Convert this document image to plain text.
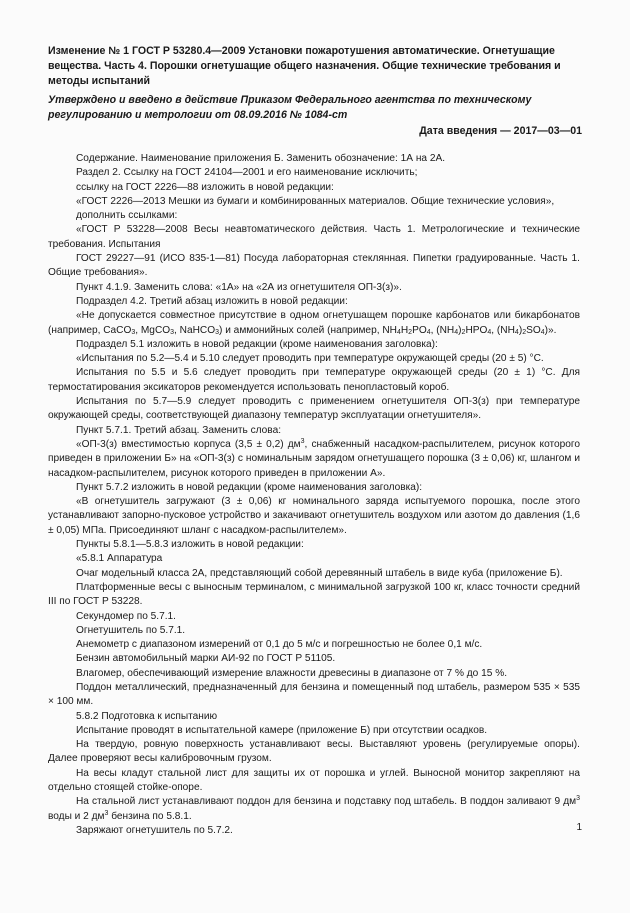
Изменение № 1 ГОСТ Р 53280.4—2009 Установки пожаротушения автоматические. Огнетушащие вещества. Часть 4. Порошки огнетушащие общего назначения. Общие технические требования и методы испытаний

Утверждено и введено в действие Приказом Федерального агентства по техническому регулированию и метрологии от 08.09.2016 № 1084-ст

Дата введения — 2017—03—01

Содержание. Наименование приложения Б. Заменить обозначение: 1А на 2А.

Раздел 2. Ссылку на ГОСТ 24104—2001 и его наименование исключить;

ссылку на ГОСТ 2226—88 изложить в новой редакции:

«ГОСТ 2226—2013 Мешки из бумаги и комбинированных материалов. Общие технические условия»,

дополнить ссылками:

«ГОСТ Р 53228—2008 Весы неавтоматического действия. Часть 1. Метрологические и технические требования. Испытания

ГОСТ 29227—91 (ИСО 835-1—81) Посуда лабораторная стеклянная. Пипетки градуированные. Часть 1. Общие требования».

Пункт 4.1.9. Заменить слова: «1А» на «2А из огнетушителя ОП-3(з)».

Подраздел 4.2. Третий абзац изложить в новой редакции:

«Не допускается совместное присутствие в одном огнетушащем порошке карбонатов или бикарбонатов (например, CaCO$_3$, MgCO$_3$, NaHCO$_3$) и аммонийных солей (например, $NH_4H_2PO_4$, $(NH_4)_2HPO_4$, $(NH_4)_2SO_4$)».

Подраздел 5.1 изложить в новой редакции (кроме наименования заголовка):

«Испытания по 5.2—5.4 и 5.10 следует проводить при температуре окружающей среды (20 ± 5) °С.

Испытания по 5.5 и 5.6 следует проводить при температуре окружающей среды (20 ± 1) °С. Для термостатирования эксикаторов рекомендуется использовать пенопластовый короб.

Испытания по 5.7—5.9 следует проводить с применением огнетушителя ОП-3(з) при температуре окружающей среды, соответствующей диапазону температур эксплуатации огнетушителя».

Пункт 5.7.1. Третий абзац. Заменить слова:

«ОП-3(з) вместимостью корпуса (3,5 ± 0,2) $дм^3$, снабженный насадком-распылителем, рисунок которого приведен в приложении Б» на «ОП-3(з) с номинальным зарядом огнетушащего порошка (3 ± 0,06) кг, шлангом и насадком-распылителем, рисунок которого приведен в приложении А».

Пункт 5.7.2 изложить в новой редакции (кроме наименования заголовка):

«В огнетушитель загружают (3 ± 0,06) кг номинального заряда испытуемого порошка, после этого устанавливают запорно-пусковое устройство и закачивают огнетушитель воздухом или азотом до давления (1,6 ± 0,05) МПа. Присоединяют шланг с насадком-распылителем».

Пункты 5.8.1—5.8.3 изложить в новой редакции:

«5.8.1 Аппаратура

Очаг модельный класса 2А, представляющий собой деревянный штабель в виде куба (приложение Б).

Платформенные весы с выносным терминалом, с минимальной загрузкой 100 кг, класс точности средний III по ГОСТ Р 53228.

Секундомер по 5.7.1.

Огнетушитель по 5.7.1.

Анемометр с диапазоном измерений от 0,1 до 5 м/с и погрешностью не более 0,1 м/с.

Бензин автомобильный марки АИ-92 по ГОСТ Р 51105.

Влагомер, обеспечивающий измерение влажности древесины в диапазоне от 7 % до 15 %.

Поддон металлический, предназначенный для бензина и помещенный под штабель, размером 535 × 535 × 100 мм.

5.8.2 Подготовка к испытанию

Испытание проводят в испытательной камере (приложение Б) при отсутствии осадков.

На твердую, ровную поверхность устанавливают весы. Выставляют уровень (регулируемые опоры). Далее проверяют весы калибровочным грузом.

На весы кладут стальной лист для защиты их от порошка и углей. Выносной монитор закрепляют на отдельно стоящей стойке-опоре.

На стальной лист устанавливают поддон для бензина и подставку под штабель. В поддон заливают 9 $дм^3$ воды и 2 $дм^3$ бензина по 5.8.1.

Заряжают огнетушитель по 5.7.2.	1
